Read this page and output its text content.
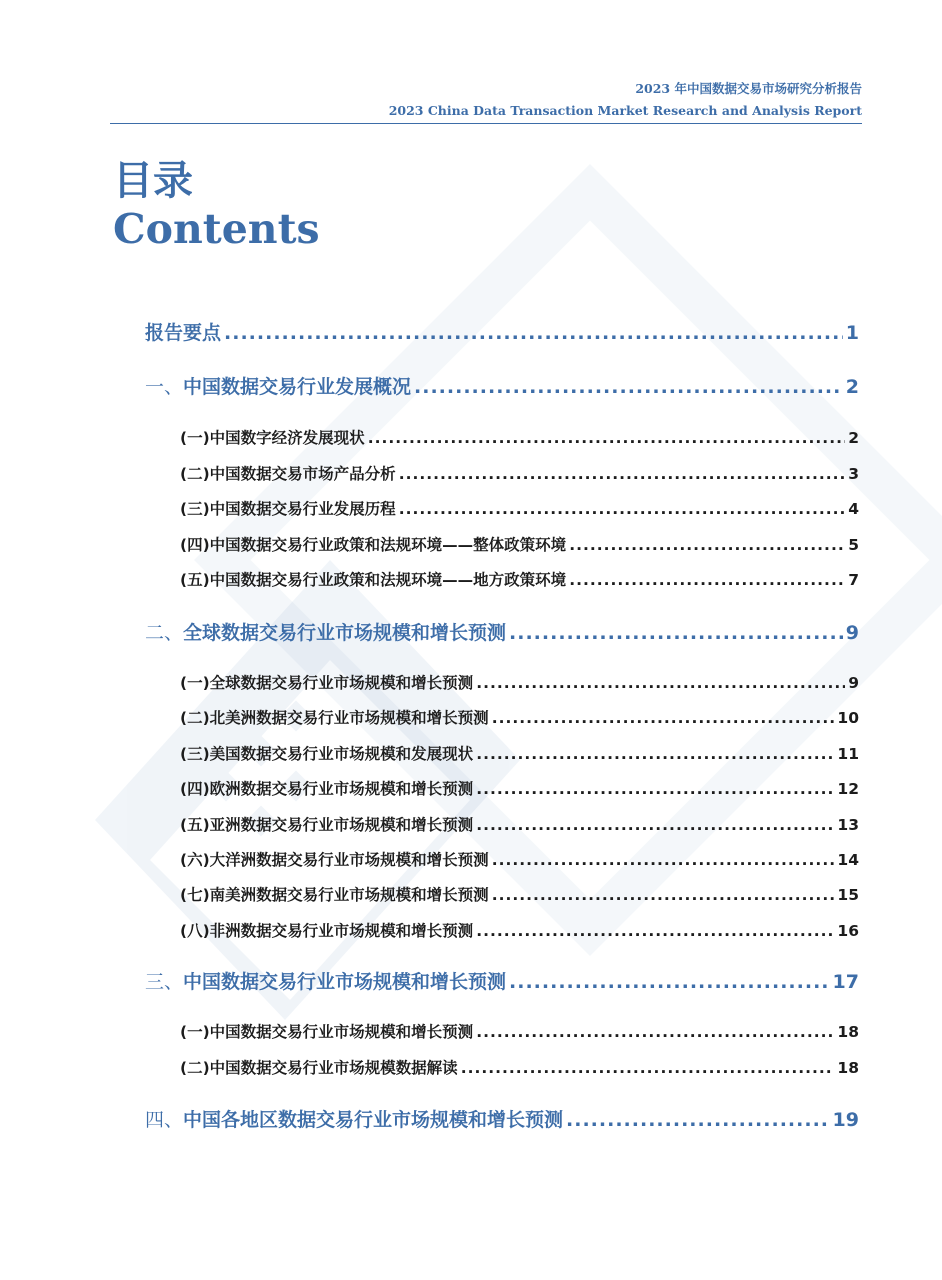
2023 年中国数据交易市场研究分析报告
2023 China Data Transaction Market Research and Analysis Report
目录
Contents
报告要点 .....	1
一、 中国数据交易行业发展概况 .....	2
(一) 中国数字经济发展现状 .....	2
(二) 中国数据交易市场产品分析 .....	3
(三) 中国数据交易行业发展历程 .....	4
(四) 中国数据交易行业政策和法规环境——整体政策环境 .....	5
(五) 中国数据交易行业政策和法规环境——地方政策环境 .....	7
二、 全球数据交易行业市场规模和增长预测 .....	9
(一) 全球数据交易行业市场规模和增长预测 .....	9
(二) 北美洲数据交易行业市场规模和增长预测 .....	10
(三) 美国数据交易行业市场规模和发展现状 .....	11
(四) 欧洲数据交易行业市场规模和增长预测 .....	12
(五) 亚洲数据交易行业市场规模和增长预测 .....	13
(六) 大洋洲数据交易行业市场规模和增长预测 .....	14
(七) 南美洲数据交易行业市场规模和增长预测 .....	15
(八) 非洲数据交易行业市场规模和增长预测 .....	16
三、 中国数据交易行业市场规模和增长预测 .....	17
(一) 中国数据交易行业市场规模和增长预测 .....	18
(二) 中国数据交易行业市场规模数据解读 .....	18
四、 中国各地区数据交易行业市场规模和增长预测 .....	19
